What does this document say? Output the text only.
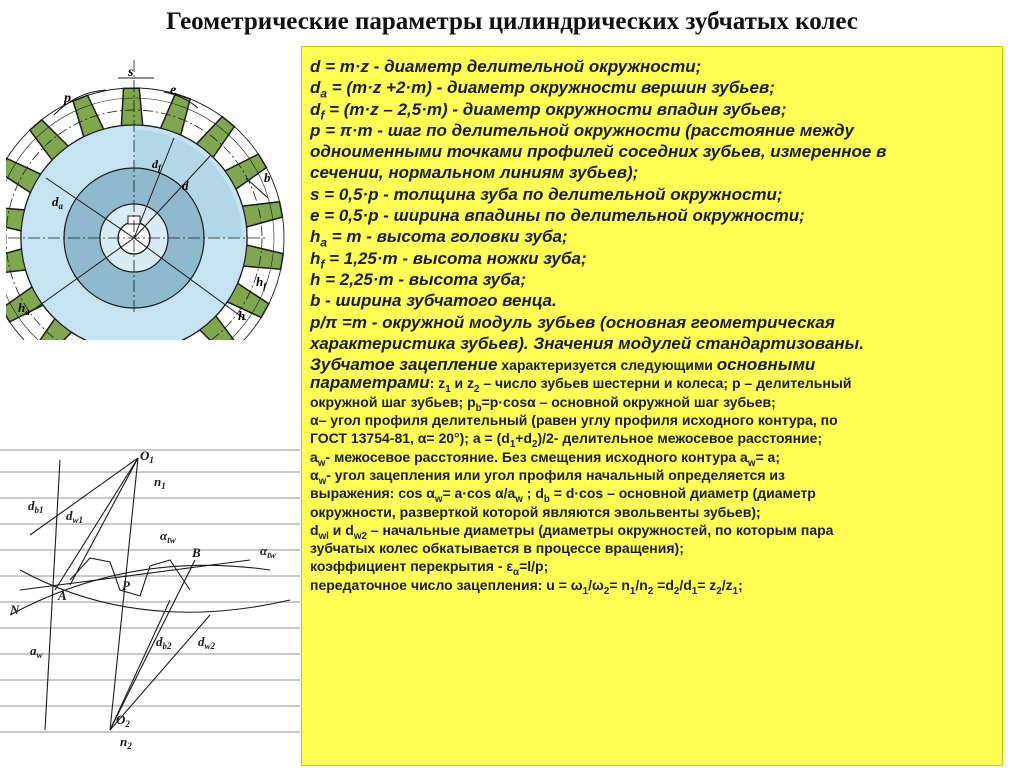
Геометрические параметры цилиндрических зубчатых колес
s
p
e
$d_a$
d
$d_f$
b
$h_f$
$h_a$	h
$O_1$
$n_1$
$d_{b1}$ $d_{w1}$
$\alpha_{tw}$
$\alpha_{tw}$
B
P
A
N
$a_w$
$d_{b2}$ $d_{w2}$
$O_2$
$n_2$
d = m·z - диаметр делительной окружности;
$d_a = (m\cdot z +2\cdot m)$ - диаметр окружности вершин зубьев;
$d_f = (m\cdot z - 2,5\cdot m)$ - диаметр окружности впадин зубьев;
p = π·m - шаг по делительной окружности (расстояние между
одноименными точками профилей соседних зубьев, измеренное в
сечении, нормальном линиям зубьев);
s = 0,5·p - толщина зуба по делительной окружности;
e = 0,5·p - ширина впадины по делительной окружности;
$h_a = m$ - высота головки зуба;
$h_f = 1,25\cdot m$ - высота ножки зуба;
h = 2,25·m - высота зуба;
b - ширина зубчатого венца.
p/π =m - окружной модуль зубьев (основная геометрическая
характеристика зубьев). Значения модулей стандартизованы.
Зубчатое зацепление характеризуется следующими основными
параметрами: $z_1$ и $z_2$ – число зубьев шестерни и колеса; p – делительный
окружной шаг зубьев; $p_b=p\cdot\cos\alpha$ – основной окружной шаг зубьев;
α– угол профиля делительный (равен углу профиля исходного контура, по
ГОСТ 13754-81, α= 20°); $a = (d_1+d_2)/2-$ делительное межосевое расстояние;
$a_w-$ межосевое расстояние. Без смещения исходного контура $a_w= a$;
$\alpha_w-$ угол зацепления или угол профиля начальный определяется из
выражения: $\cos \alpha_w= a\cdot\cos$ $\alpha/a_w$ ; $d_b = d\cdot\cos$ – основной диаметр (диаметр
окружности, разверткой которой являются эвольвенты зубьев);
$d_{wl}$ и $d_{w2}$ – начальные диаметры (диаметры окружностей, по которым пара
зубчатых колес обкатывается в процессе вращения);
коэффициент перекрытия - $\varepsilon_\alpha=l/p$;
передаточное число зацепления: $u = \omega_1/\omega_2= n_1/n_2 =d_2/d_1= z_2/z_1$;
